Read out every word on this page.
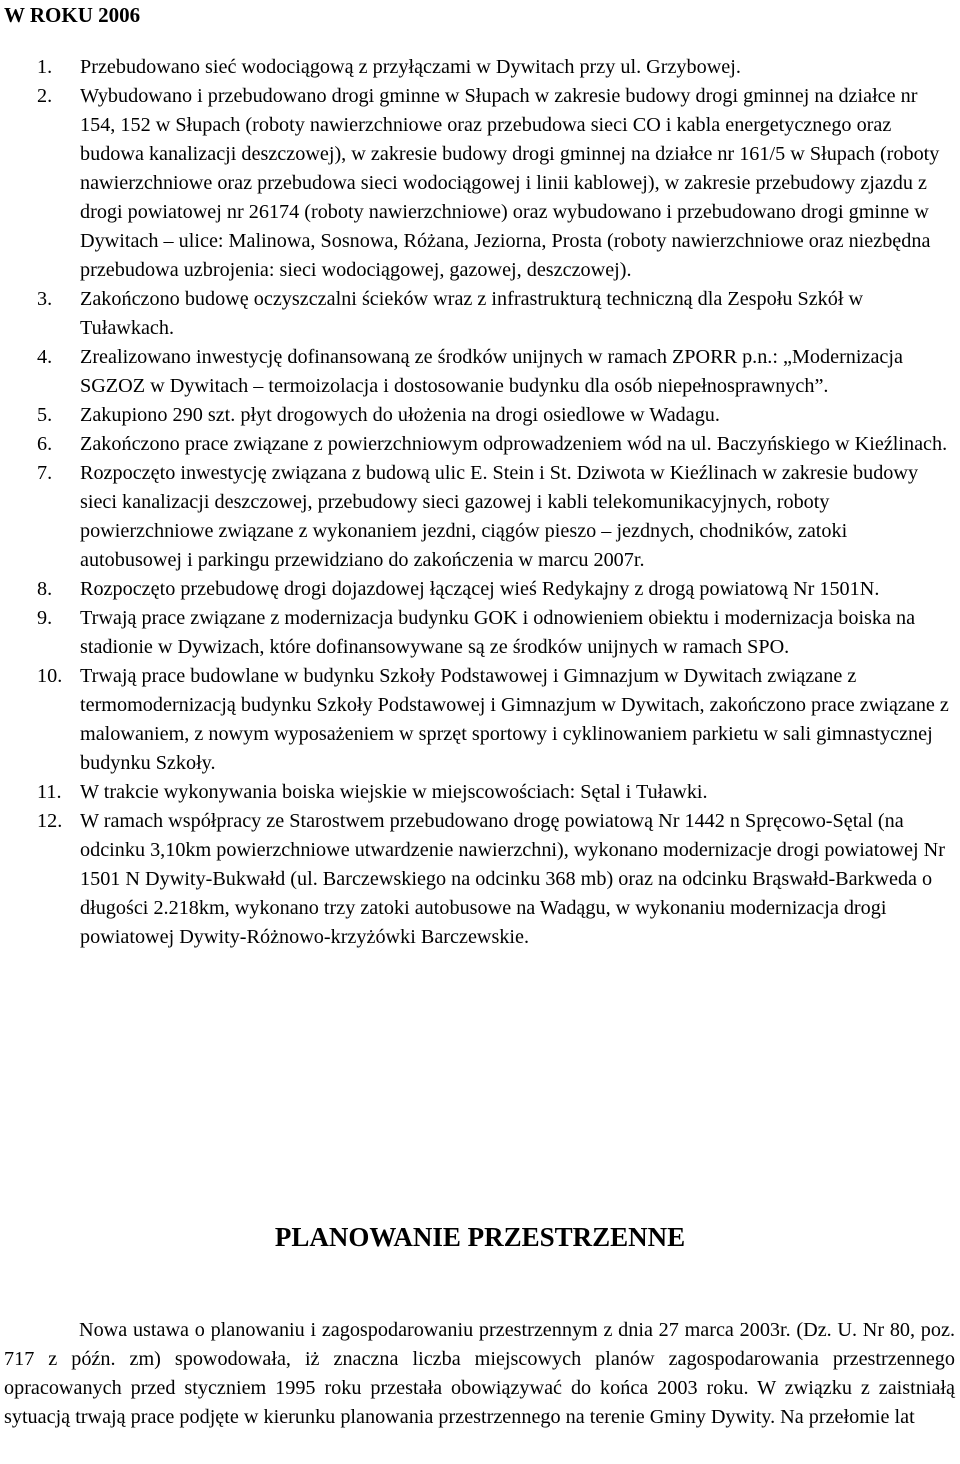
W ROKU 2006
1. Przebudowano sieć wodociągową z przyłączami w Dywitach przy ul. Grzybowej.
2. Wybudowano i przebudowano drogi gminne w Słupach w zakresie budowy drogi gminnej na działce nr 154, 152 w Słupach (roboty nawierzchniowe oraz przebudowa sieci CO i kabla energetycznego oraz budowa kanalizacji deszczowej), w zakresie budowy drogi gminnej na działce nr 161/5 w Słupach (roboty nawierzchniowe oraz przebudowa sieci wodociągowej i linii kablowej), w zakresie przebudowy zjazdu z drogi powiatowej nr 26174 (roboty nawierzchniowe) oraz wybudowano i przebudowano drogi gminne w Dywitach – ulice: Malinowa, Sosnowa, Różana, Jeziorna, Prosta (roboty nawierzchniowe oraz niezbędna przebudowa uzbrojenia: sieci wodociągowej, gazowej, deszczowej).
3. Zakończono budowę oczyszczalni ścieków wraz z infrastrukturą techniczną dla Zespołu Szkół w Tuławkach.
4. Zrealizowano inwestycję dofinansowaną ze środków unijnych w ramach ZPORR p.n.: „Modernizacja SGZOZ w Dywitach – termoizolacja i dostosowanie budynku dla osób niepełnosprawnych”.
5. Zakupiono 290 szt. płyt drogowych do ułożenia na drogi osiedlowe w Wadagu.
6. Zakończono prace związane z powierzchniowym odprowadzeniem wód na ul. Baczyńskiego w Kieźlinach.
7. Rozpoczęto inwestycję związana z budową ulic E. Stein i St. Dziwota w Kieźlinach w zakresie budowy sieci kanalizacji deszczowej, przebudowy sieci gazowej i kabli telekomunikacyjnych, roboty powierzchniowe związane z wykonaniem jezdni, ciągów pieszo – jezdnych, chodników, zatoki autobusowej i parkingu przewidziano do zakończenia w marcu 2007r.
8. Rozpoczęto przebudowę drogi dojazdowej łączącej wieś Redykajny z drogą powiatową Nr 1501N.
9. Trwają prace związane z modernizacja budynku GOK i odnowieniem obiektu i modernizacja boiska na stadionie w Dywizach, które dofinansowywane są ze środków unijnych w ramach SPO.
10. Trwają prace budowlane w budynku Szkoły Podstawowej i Gimnazjum w Dywitach związane z termomodernizacją budynku Szkoły Podstawowej i Gimnazjum w Dywitach, zakończono prace związane z malowaniem, z nowym wyposażeniem w sprzęt sportowy i cyklinowaniem parkietu w sali gimnastycznej budynku Szkoły.
11. W trakcie wykonywania boiska wiejskie w miejscowościach: Sętal i Tuławki.
12. W ramach współpracy ze Starostwem przebudowano drogę powiatową Nr 1442 n Spręcowo-Sętal (na odcinku 3,10km powierzchniowe utwardzenie nawierzchni), wykonano modernizacje drogi powiatowej Nr 1501 N Dywity-Bukwałd (ul. Barczewskiego na odcinku 368 mb) oraz na odcinku Brąswałd-Barkweda o długości 2.218km, wykonano trzy zatoki autobusowe na Wadągu, w wykonaniu modernizacja drogi powiatowej Dywity-Różnowo-krzyżówki Barczewskie.
PLANOWANIE PRZESTRZENNE

Nowa ustawa o planowaniu i zagospodarowaniu przestrzennym z dnia 27 marca 2003r. (Dz. U. Nr 80, poz. 717 z późn. zm) spowodowała, iż znaczna liczba miejscowych planów zagospodarowania przestrzennego opracowanych przed styczniem 1995 roku przestała obowiązywać do końca 2003 roku. W związku z zaistniałą sytuacją trwają prace podjęte w kierunku planowania przestrzennego na terenie Gminy Dywity. Na przełomie lat
